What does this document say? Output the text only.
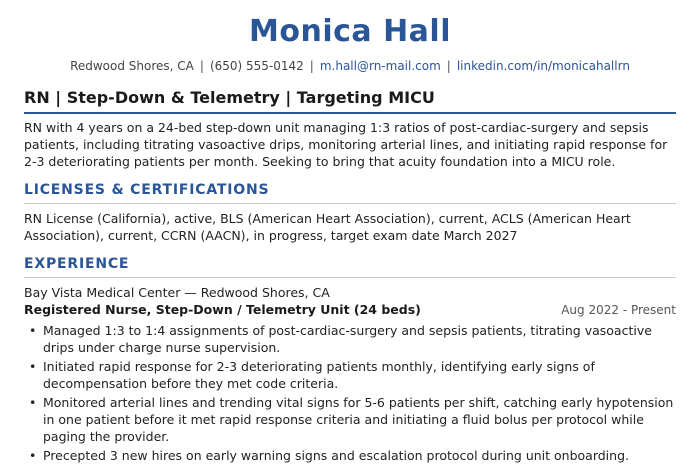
Monica Hall
Redwood Shores, CA | (650) 555-0142 | m.hall@rn-mail.com | linkedin.com/in/monicahallrn
RN | Step-Down & Telemetry | Targeting MICU
RN with 4 years on a 24-bed step-down unit managing 1:3 ratios of post-cardiac-surgery and sepsis patients, including titrating vasoactive drips, monitoring arterial lines, and initiating rapid response for 2-3 deteriorating patients per month. Seeking to bring that acuity foundation into a MICU role.
LICENSES & CERTIFICATIONS
RN License (California), active, BLS (American Heart Association), current, ACLS (American Heart Association), current, CCRN (AACN), in progress, target exam date March 2027
EXPERIENCE
Bay Vista Medical Center — Redwood Shores, CA
Registered Nurse, Step-Down / Telemetry Unit (24 beds)	Aug 2022 - Present
• Managed 1:3 to 1:4 assignments of post-cardiac-surgery and sepsis patients, titrating vasoactive drips under charge nurse supervision.
• Initiated rapid response for 2-3 deteriorating patients monthly, identifying early signs of decompensation before they met code criteria.
• Monitored arterial lines and trending vital signs for 5-6 patients per shift, catching early hypotension in one patient before it met rapid response criteria and initiating a fluid bolus per protocol while paging the provider.
• Precepted 3 new hires on early warning signs and escalation protocol during unit onboarding.
